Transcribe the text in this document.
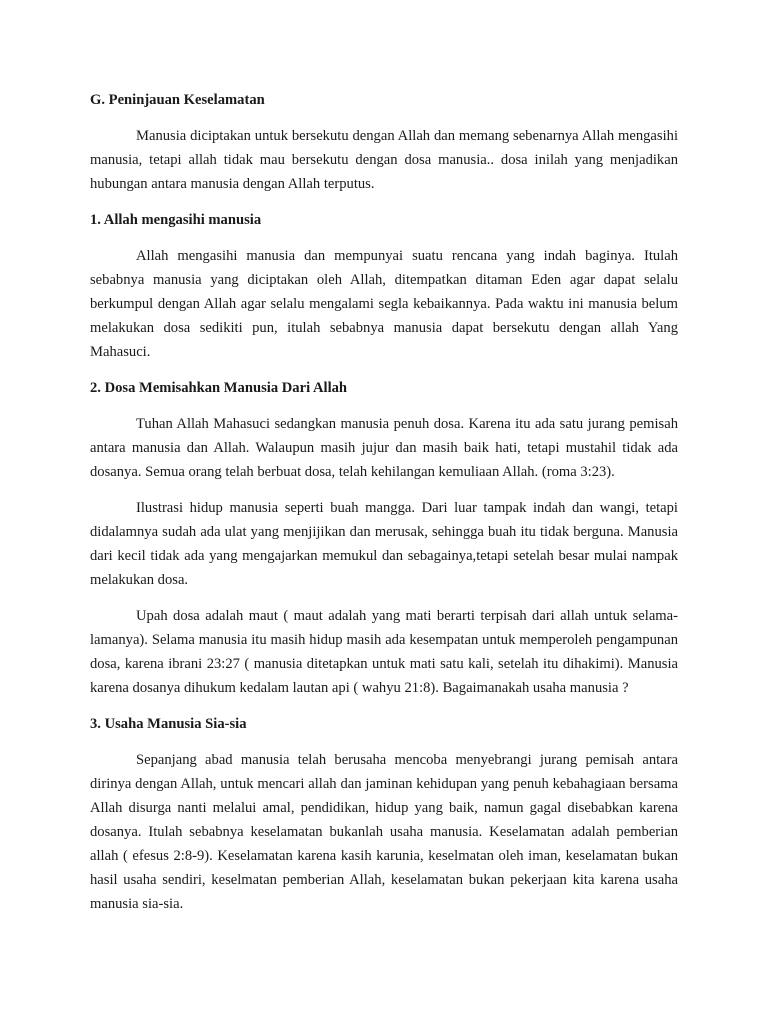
G. Peninjauan Keselamatan

Manusia diciptakan untuk bersekutu dengan Allah dan memang sebenarnya Allah mengasihi manusia, tetapi allah tidak mau bersekutu dengan dosa manusia.. dosa inilah yang menjadikan hubungan antara manusia dengan Allah terputus.

1. Allah mengasihi manusia

Allah mengasihi manusia dan mempunyai suatu rencana yang indah baginya. Itulah sebabnya manusia yang diciptakan oleh Allah, ditempatkan ditaman Eden agar dapat selalu berkumpul dengan Allah agar selalu mengalami segla kebaikannya. Pada waktu ini manusia belum melakukan dosa sedikiti pun, itulah sebabnya manusia dapat bersekutu dengan allah Yang Mahasuci.

2. Dosa Memisahkan Manusia Dari Allah

Tuhan Allah Mahasuci sedangkan manusia penuh dosa. Karena itu ada satu jurang pemisah antara manusia dan Allah. Walaupun masih jujur dan masih baik hati, tetapi mustahil tidak ada dosanya. Semua orang telah berbuat dosa, telah kehilangan kemuliaan Allah. (roma 3:23).

Ilustrasi hidup manusia seperti buah mangga. Dari luar tampak indah dan wangi, tetapi didalamnya sudah ada ulat yang menjijikan dan merusak, sehingga buah itu tidak berguna. Manusia dari kecil tidak ada yang mengajarkan memukul dan sebagainya,tetapi setelah besar mulai nampak melakukan dosa.

Upah dosa adalah maut ( maut adalah yang mati berarti terpisah dari allah untuk selama-lamanya). Selama manusia itu masih hidup masih ada kesempatan untuk memperoleh pengampunan dosa, karena ibrani 23:27 ( manusia ditetapkan untuk mati satu kali, setelah itu dihakimi). Manusia karena dosanya dihukum kedalam lautan api ( wahyu 21:8). Bagaimanakah usaha manusia ?

3. Usaha Manusia Sia-sia

Sepanjang abad manusia telah berusaha mencoba menyebrangi jurang pemisah antara dirinya dengan Allah, untuk mencari allah dan jaminan kehidupan yang penuh kebahagiaan bersama Allah disurga nanti melalui amal, pendidikan, hidup yang baik, namun gagal disebabkan karena dosanya. Itulah sebabnya keselamatan bukanlah usaha manusia. Keselamatan adalah pemberian allah ( efesus 2:8-9). Keselamatan karena kasih karunia, keselmatan oleh iman, keselamatan bukan hasil usaha sendiri, keselmatan pemberian Allah, keselamatan bukan pekerjaan kita karena usaha manusia sia-sia.
